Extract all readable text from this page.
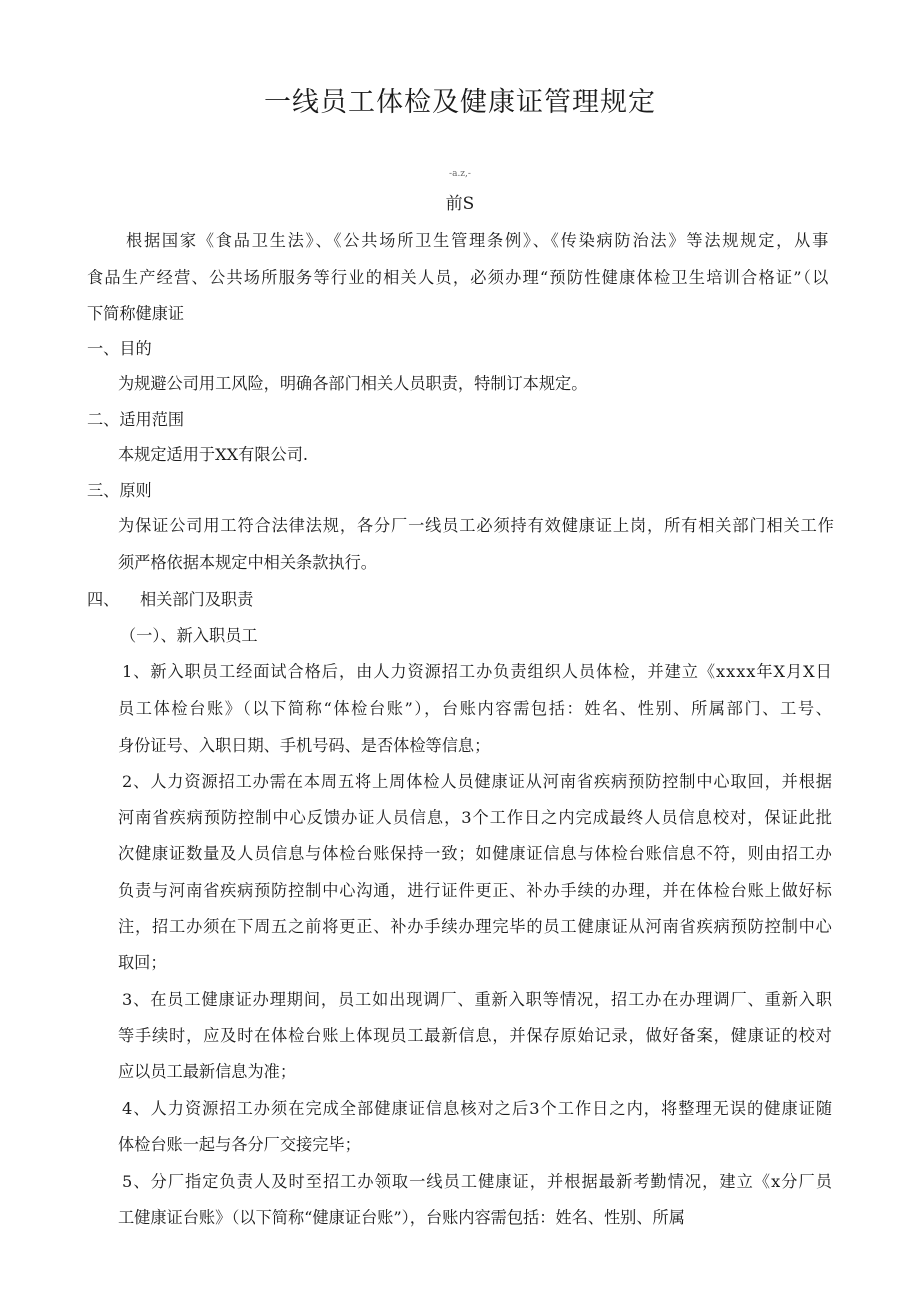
一线员工体检及健康证管理规定
-a.z,-
前S
根据国家《食品卫生法》、《公共场所卫生管理条例》、《传染病防治法》等法规规定，从事
食品生产经营、公共场所服务等行业的相关人员，必须办理“预防性健康体检卫生培训合格证”（以
下简称健康证
一、目的
为规避公司用工风险，明确各部门相关人员职责，特制订本规定。
二、适用范围
本规定适用于XX有限公司.
三、原则
为保证公司用工符合法律法规，各分厂一线员工必须持有效健康证上岗，所有相关部门相关工作
须严格依据本规定中相关条款执行。
四、    相关部门及职责
（一）、新入职员工
1、新入职员工经面试合格后，由人力资源招工办负责组织人员体检，并建立《xxxx年X月X日
员工体检台账》（以下简称“体检台账”），台账内容需包括：姓名、性别、所属部门、工号、
身份证号、入职日期、手机号码、是否体检等信息；
2、人力资源招工办需在本周五将上周体检人员健康证从河南省疾病预防控制中心取回，并根据
河南省疾病预防控制中心反馈办证人员信息，3个工作日之内完成最终人员信息校对，保证此批
次健康证数量及人员信息与体检台账保持一致；如健康证信息与体检台账信息不符，则由招工办
负责与河南省疾病预防控制中心沟通，进行证件更正、补办手续的办理，并在体检台账上做好标
注，招工办须在下周五之前将更正、补办手续办理完毕的员工健康证从河南省疾病预防控制中心
取回；
3、在员工健康证办理期间，员工如出现调厂、重新入职等情况，招工办在办理调厂、重新入职
等手续时，应及时在体检台账上体现员工最新信息，并保存原始记录，做好备案，健康证的校对
应以员工最新信息为准；
4、人力资源招工办须在完成全部健康证信息核对之后3个工作日之内，将整理无误的健康证随
体检台账一起与各分厂交接完毕；
5、分厂指定负责人及时至招工办领取一线员工健康证，并根据最新考勤情况，建立《x分厂员
工健康证台账》（以下简称“健康证台账”），台账内容需包括：姓名、性别、所属
